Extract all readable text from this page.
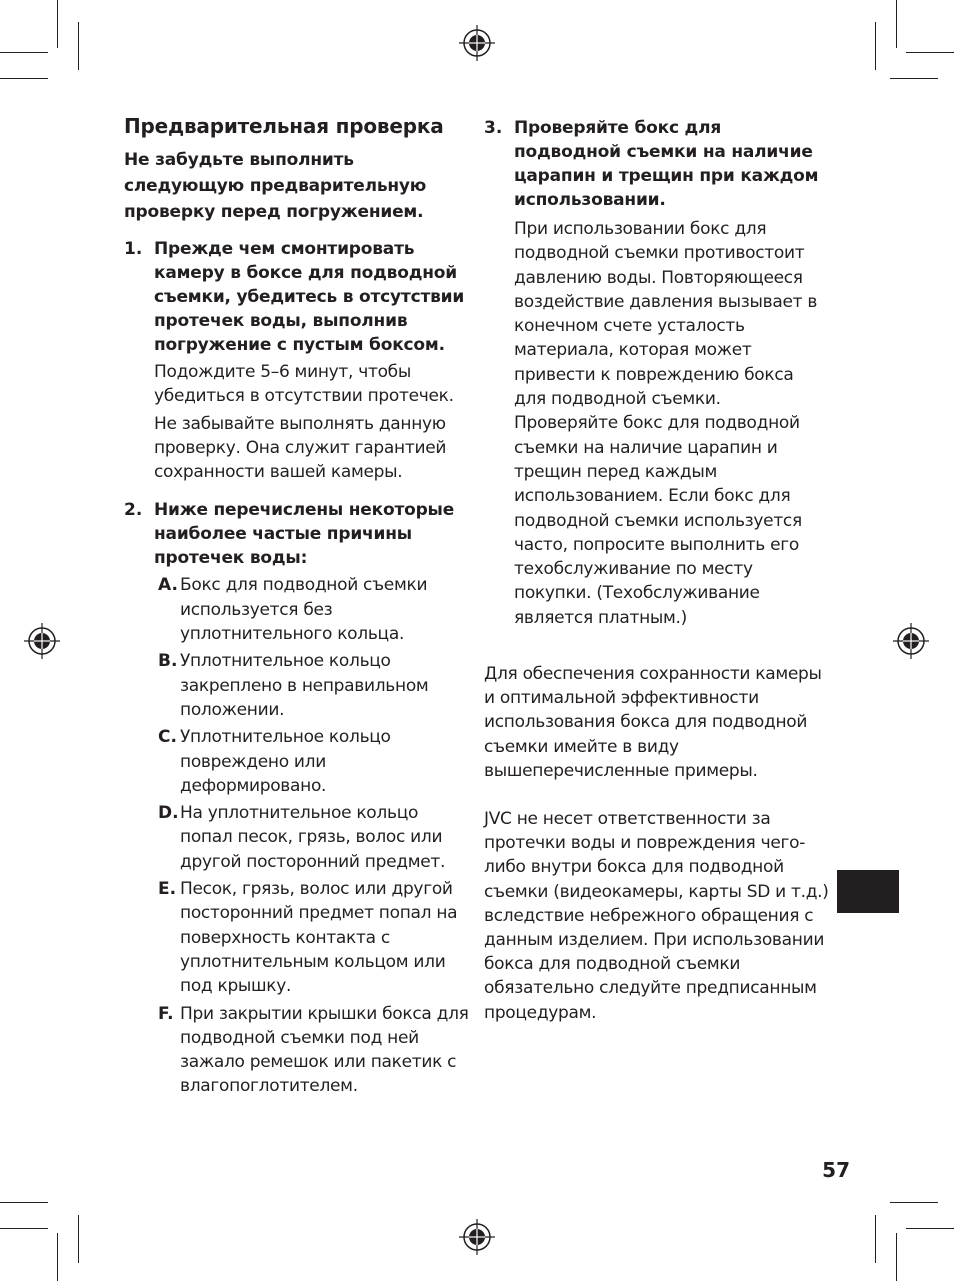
Предварительная проверка
Не забудьте выполнить следующую предварительную проверку перед погружением.
1. Прежде чем смонтировать камеру в боксе для подводной съемки, убедитесь в отсутствии протечек воды, выполнив погружение с пустым боксом.
Подождите 5–6 минут, чтобы убедиться в отсутствии протечек.
Не забывайте выполнять данную проверку. Она служит гарантией сохранности вашей камеры.
2. Ниже перечислены некоторые наиболее частые причины протечек воды:
A. Бокс для подводной съемки используется без уплотнительного кольца.
B. Уплотнительное кольцо закреплено в неправильном положении.
C. Уплотнительное кольцо повреждено или деформировано.
D. На уплотнительное кольцо попал песок, грязь, волос или другой посторонний предмет.
E. Песок, грязь, волос или другой посторонний предмет попал на поверхность контакта с уплотнительным кольцом или под крышку.
F. При закрытии крышки бокса для подводной съемки под ней зажало ремешок или пакетик с влагопоглотителем.
3. Проверяйте бокс для подводной съемки на наличие царапин и трещин при каждом использовании.
При использовании бокс для подводной съемки противостоит давлению воды. Повторяющееся воздействие давления вызывает в конечном счете усталость материала, которая может привести к повреждению бокса для подводной съемки. Проверяйте бокс для подводной съемки на наличие царапин и трещин перед каждым использованием. Если бокс для подводной съемки используется часто, попросите выполнить его техобслуживание по месту покупки. (Техобслуживание является платным.)
Для обеспечения сохранности камеры и оптимальной эффективности использования бокса для подводной съемки имейте в виду вышеперечисленные примеры.
JVC не несет ответственности за протечки воды и повреждения чего-либо внутри бокса для подводной съемки (видеокамеры, карты SD и т.д.) вследствие небрежного обращения с данным изделием. При использовании бокса для подводной съемки обязательно следуйте предписанным процедурам.
57
